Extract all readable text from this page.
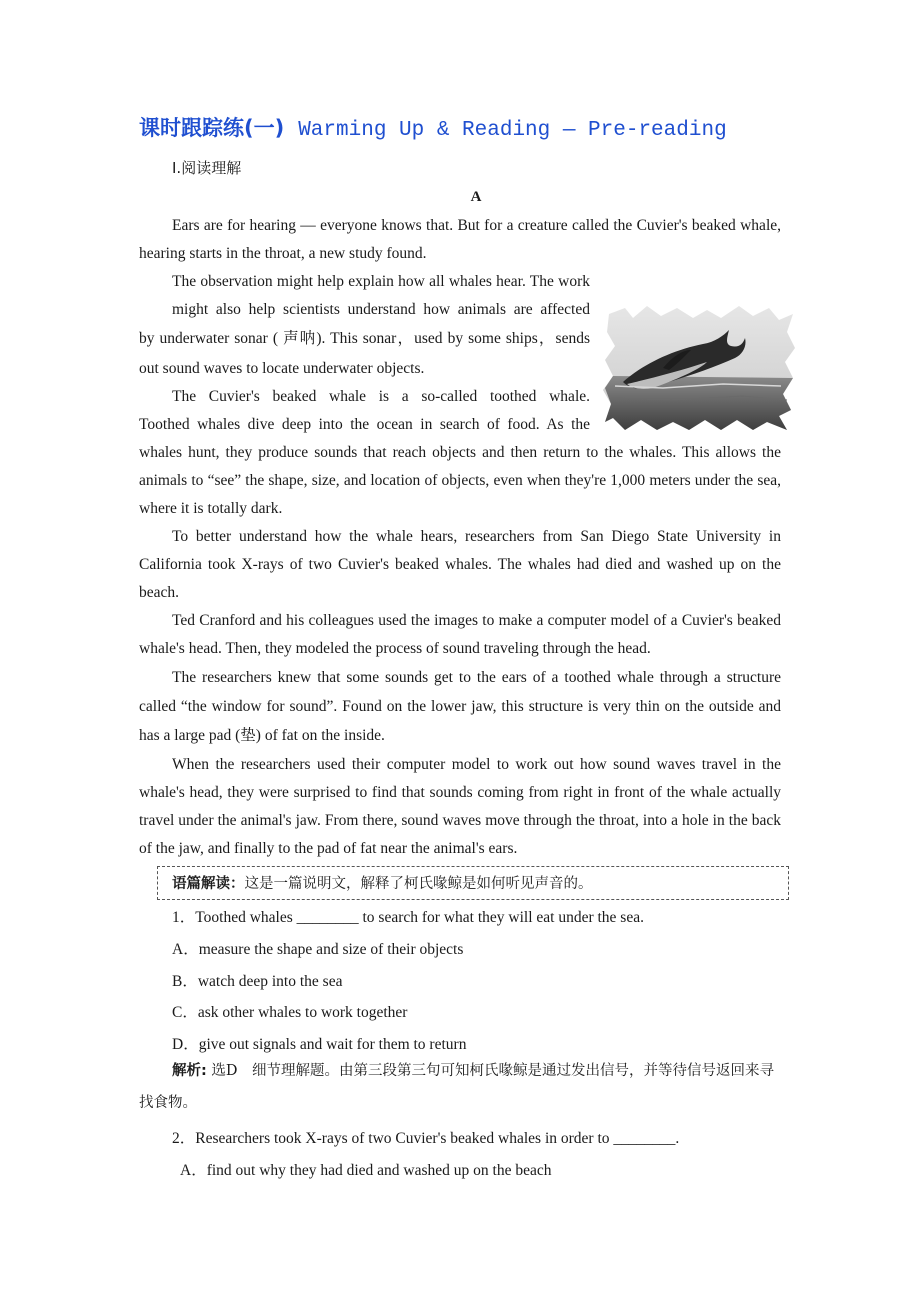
课时跟踪练(一) Warming Up & Reading — Pre-reading
Ⅰ.阅读理解
A
Ears are for hearing — everyone knows that. But for a creature called the Cuvier's beaked whale, hearing starts in the throat, a new study found.
The observation might help explain how all whales hear. The work
might also help scientists understand how animals are affected
by underwater sonar ( 声呐). This sonar，used by some ships，sends
out sound waves to locate underwater objects.
The Cuvier's beaked whale is a so-called toothed whale.
Toothed whales dive deep into the ocean in search of food. As the
whales hunt, they produce sounds that reach objects and then return to the whales. This allows the animals to “see” the shape, size, and location of objects, even when they're 1,000 meters under the sea, where it is totally dark.
To better understand how the whale hears, researchers from San Diego State University in California took X-rays of two Cuvier's beaked whales. The whales had died and washed up on the beach.
Ted Cranford and his colleagues used the images to make a computer model of a Cuvier's beaked whale's head. Then, they modeled the process of sound traveling through the head.
The researchers knew that some sounds get to the ears of a toothed whale through a structure called “the window for sound”. Found on the lower jaw, this structure is very thin on the outside and has a large pad (垫) of fat on the inside.
When the researchers used their computer model to work out how sound waves travel in the whale's head, they were surprised to find that sounds coming from right in front of the whale actually travel under the animal's jaw. From there, sound waves move through the throat, into a hole in the back of the jaw, and finally to the pad of fat near the animal's ears.
语篇解读：这是一篇说明文，解释了柯氏喙鲸是如何听见声音的。
1．Toothed whales ________ to search for what they will eat under the sea.
A．measure the shape and size of their objects
B．watch deep into the sea
C．ask other whales to work together
D．give out signals and wait for them to return
解析: 选D　细节理解题。由第三段第三句可知柯氏喙鲸是通过发出信号，并等待信号返回来寻找食物。
2．Researchers took X-rays of two Cuvier's beaked whales in order to ________.
A．find out why they had died and washed up on the beach
